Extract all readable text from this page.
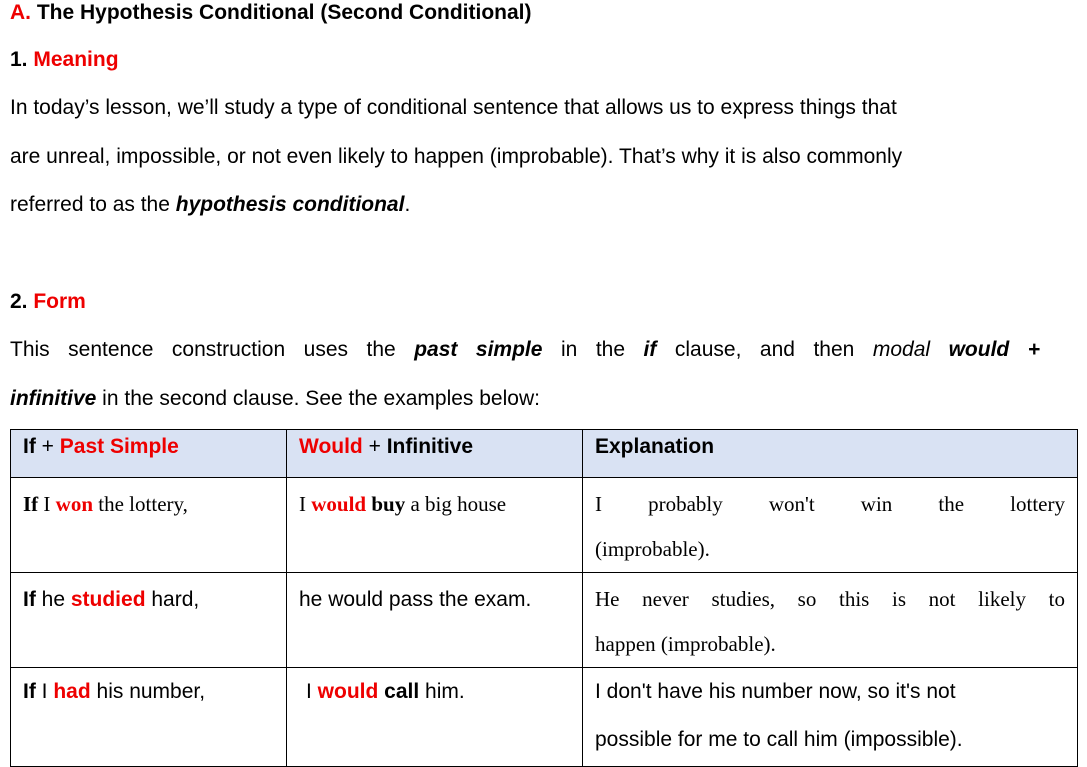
A. The Hypothesis Conditional (Second Conditional)
1. Meaning
In today’s lesson, we’ll study a type of conditional sentence that allows us to express things that
are unreal, impossible, or not even likely to happen (improbable). That’s why it is also commonly
referred to as the hypothesis conditional.
2. Form
This sentence construction uses the past simple in the if clause, and then modal would +
infinitive in the second clause. See the examples below:
If + Past Simple	Would + Infinitive	Explanation
If I won the lottery,	I would buy a big house	I probably won't win the lottery
(improbable).
If he studied hard,	he would pass the exam.	He never studies, so this is not likely to
happen (improbable).
If I had his number,	I would call him.	I don't have his number now, so it's not
possible for me to call him (impossible).
